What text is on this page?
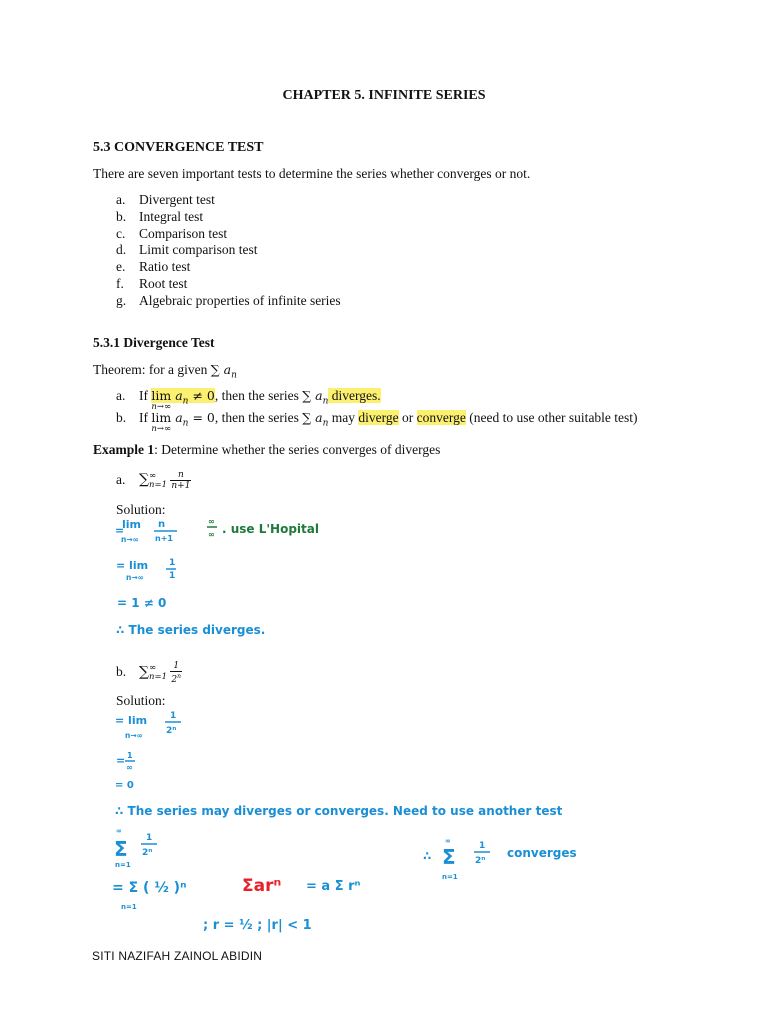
CHAPTER 5. INFINITE SERIES
5.3 CONVERGENCE TEST
There are seven important tests to determine the series whether converges or not.
a. Divergent test
b. Integral test
c. Comparison test
d. Limit comparison test
e. Ratio test
f. Root test
g. Algebraic properties of infinite series
5.3.1 Divergence Test
Theorem: for a given ∑ $a_n$
a. If lim
n→∞
$a_n \ne 0$, then the series ∑ $a_n$ diverges.
b. If lim
n→∞
$a_n = 0$, then the series ∑ $a_n$ may diverge or converge (need to use other suitable test)
Example 1: Determine whether the series converges of diverges
a. ∑ ∞
n=1
$\frac{n}{n+1}$
Solution:
b. ∑ ∞
n=1
$\frac{1}{2^n}$
Solution:
=
lim
n→∞
n
n+1
= lim
n→∞
1
1
= 1 ≠ 0
∴ The series diverges.
∞
∞ . use L'Hopital
= lim
n→∞
1
2ⁿ
= 1
∞
= 0
∴ The series may diverges or converges. Need to use another test
∞
Σ
n=1
1
2ⁿ
= Σ ( ½ )ⁿ
n=1
= a Σ rⁿ
; r = ½ ; |r| < 1
∞
∴ Σ
n=1
1
2ⁿ
converges
Σarⁿ
SITI NAZIFAH ZAINOL ABIDIN
